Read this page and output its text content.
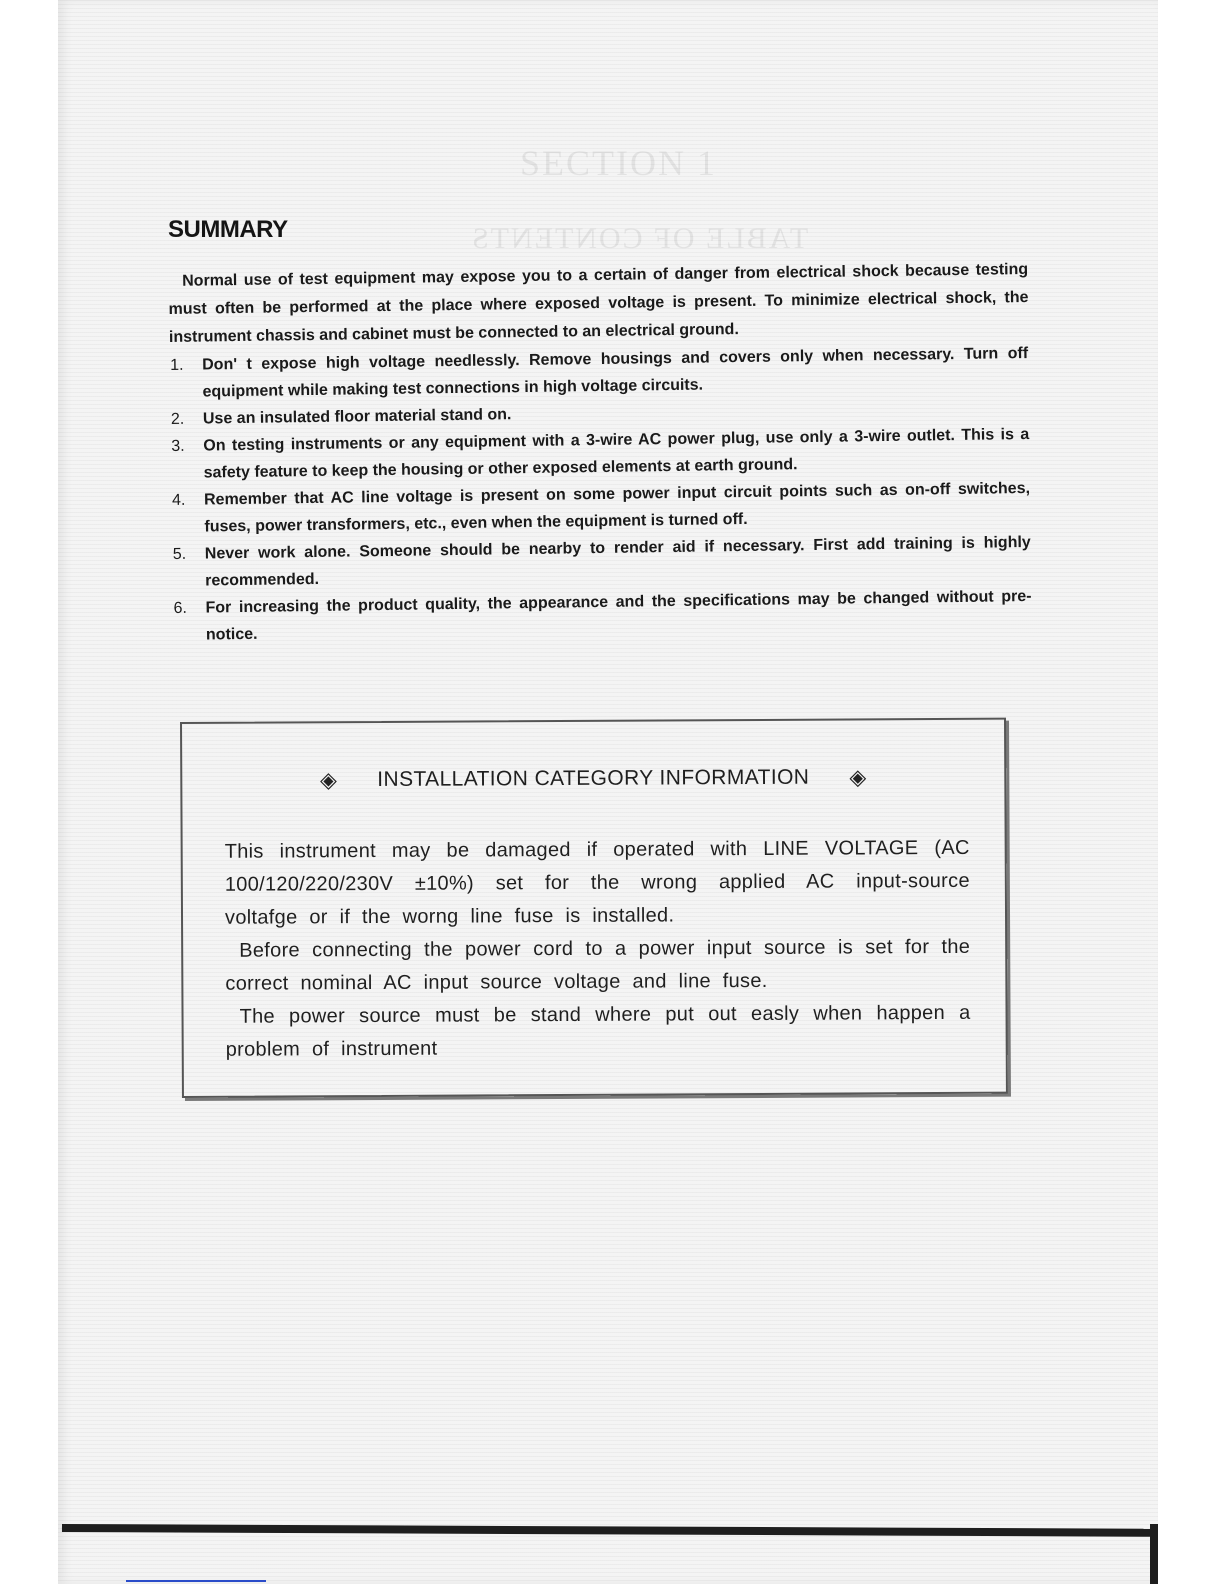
SECTION 1
TABLE OF CONTENTS
SUMMARY

Normal use of test equipment may expose you to a certain of danger from electrical shock because testing must often be performed at the place where exposed voltage is present. To minimize electrical shock, the instrument chassis and cabinet must be connected to an electrical ground.

1. Don' t expose high voltage needlessly. Remove housings and covers only when necessary. Turn off equipment while making test connections in high voltage circuits.
2. Use an insulated floor material stand on.
3. On testing instruments or any equipment with a 3-wire AC power plug, use only a 3-wire outlet. This is a safety feature to keep the housing or other exposed elements at earth ground.
4. Remember that AC line voltage is present on some power input circuit points such as on-off switches, fuses, power transformers, etc., even when the equipment is turned off.
5. Never work alone. Someone should be nearby to render aid if necessary. First add training is highly recommended.
6. For increasing the product quality, the appearance and the specifications may be changed without pre-notice.
◈ INSTALLATION CATEGORY INFORMATION ◈

This instrument may be damaged if operated with LINE VOLTAGE (AC 100/120/220/230V ±10%) set for the wrong applied AC input-source voltafge or if the worng line fuse is installed.

Before connecting the power cord to a power input source is set for the correct nominal AC input source voltage and line fuse.

The power source must be stand where put out easly when happen a problem of instrument
